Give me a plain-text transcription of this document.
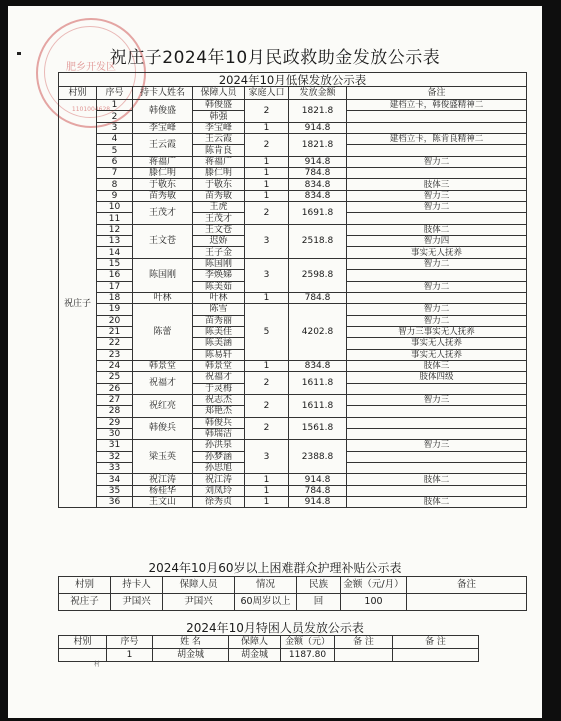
肥乡开发区
1101004628
祝庄子2024年10月民政救助金发放公示表
2024年10月低保发放公示表						
村别	序号	持卡人姓名	保障人员	家庭人口	发放金额	备注
祝庄子	1	韩俊盛	韩俊盛	2	1821.8	建档立卡，韩俊盛精神二
	2		韩强			
	3	李宝峰	李宝峰	1	914.8	
	4	王云霞	王云霞	2	1821.8	建档立卡，陈肯良精神二
	5		陈肯良			
	6	蒋福广	蒋福广	1	914.8	智力二
	7	滕仁明	滕仁明	1	784.8	
	8	于敬东	于敬东	1	834.8	肢体三
	9	苗秀敏	苗秀敏	1	834.8	智力三
	10	王茂才	王虎	2	1691.8	智力二
	11		王茂才			
	12	王文苍	王文苍	3	2518.8	肢体二
	13		迟娇			智力四
	14		王子金			事实无人抚养
	15	陈国刚	陈国刚	3	2598.8	智力二
	16		李焕娣			
	17		陈美茹			智力二
	18	叶林	叶林	1	784.8	
	19	陈蕾	陈雪	5	4202.8	智力二
	20		苗秀丽			智力二
	21		陈美佳			智力三事实无人抚养
	22		陈美涵			事实无人抚养
	23		陈易轩			事实无人抚养
	24	韩景堂	韩景堂	1	834.8	肢体三
	25	祝福才	祝福才	2	1611.8	肢体四级
	26		于灵梅			
	27	祝红亮	祝志杰	2	1611.8	智力三
	28		郑艳杰			
	29	韩俊兵	韩俊兵	2	1561.8	
	30		韩瑞洁			
	31	梁玉英	孙洪泉	3	2388.8	智力三
	32		孙梦涵			
	33		孙思旭			
	34	祝江涛	祝江涛	1	914.8	肢体二
	35	杨桂华	刘凤玲	1	784.8	
	36	王文山	徐秀贞	1	914.8	肢体二
2024年10月60岁以上困难群众护理补贴公示表
村别	持卡人	保障人员	情况	民族	金额（元/月）	备注
祝庄子	尹国兴	尹国兴	60周岁以上	回	100	
2024年10月特困人员发放公示表
村别	序号	姓 名	保障人	金额（元）	备 注	备 注
	1	胡金城	胡金城	1187.80		
村
